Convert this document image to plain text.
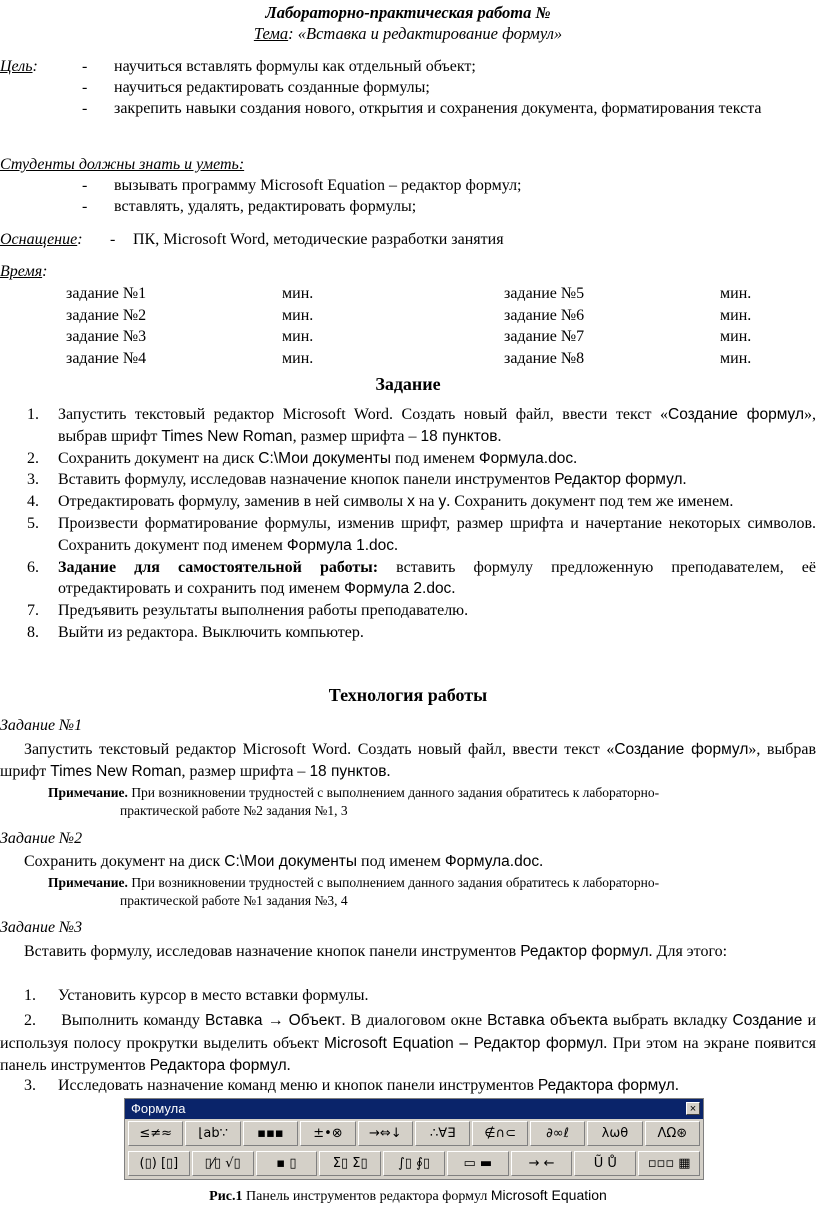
Лабораторно-практическая работа №
Тема: «Вставка и редактирование формул»
Цель:
-	научиться вставлять формулы как отдельный объект;
- научиться редактировать созданные формулы;
- закрепить навыки создания нового, открытия и сохранения документа, форматирования текста
Студенты должны знать и уметь:
- вызывать программу Microsoft Equation – редактор формул;
- вставлять, удалять, редактировать формулы;
Оснащение: - ПК, Microsoft Word, методические разработки занятия
Время:
задание №1	мин.	задание №5	мин.
задание №2	мин.	задание №6	мин.
задание №3	мин.	задание №7	мин.
задание №4	мин.	задание №8	мин.
Задание
1. Запустить текстовый редактор Microsoft Word. Создать новый файл, ввести текст «Создание формул», выбрав шрифт Times New Roman, размер шрифта – 18 пунктов.
2. Сохранить документ на диск C:\Мои документы под именем Формула.doc.
3. Вставить формулу, исследовав назначение кнопок панели инструментов Редактор формул.
4. Отредактировать формулу, заменив в ней символы х на у. Сохранить документ под тем же именем.
5. Произвести форматирование формулы, изменив шрифт, размер шрифта и начертание некоторых символов. Сохранить документ под именем Формула 1.doc.
6. Задание для самостоятельной работы: вставить формулу предложенную преподавателем, её отредактировать и сохранить под именем Формула 2.doc.
7. Предъявить результаты выполнения работы преподавателю.
8. Выйти из редактора. Выключить компьютер.
Технология работы
Задание №1
Запустить текстовый редактор Microsoft Word. Создать новый файл, ввести текст «Создание формул», выбрав шрифт Times New Roman, размер шрифта – 18 пунктов.
Примечание. При возникновении трудностей с выполнением данного задания обратитесь к лабораторно-
практической работе №2 задания №1, 3
Задание №2
Сохранить документ на диск C:\Мои документы под именем Формула.doc.
Примечание. При возникновении трудностей с выполнением данного задания обратитесь к лабораторно-
практической работе №1 задания №3, 4
Задание №3
Вставить формулу, исследовав назначение кнопок панели инструментов Редактор формул. Для этого:
1. Установить курсор в место вставки формулы.
2. Выполнить команду Вставка → Объект. В диалоговом окне Вставка объекта выбрать вкладку Создание и используя полосу прокрутки выделить объект Microsoft Equation – Редактор формул. При этом на экране появится панель инструментов Редактора формул.
3. Исследовать назначение команд меню и кнопок панели инструментов Редактора формул.
Формула	×
≤≠≈	⌊ab∵	▪▪▪	±•⊗	→⇔↓	∴∀∃	∉∩⊂	∂∞ℓ	λωθ	ΛΩ⊛
(▯) [▯]	▯⁄▯ √▯	▪ ▯	Σ▯ Σ▯	∫▯ ∮▯	▭ ▬	→ ←	Ũ Ů	▫▫▫ ▦
Рис.1 Панель инструментов редактора формул Microsoft Equation
